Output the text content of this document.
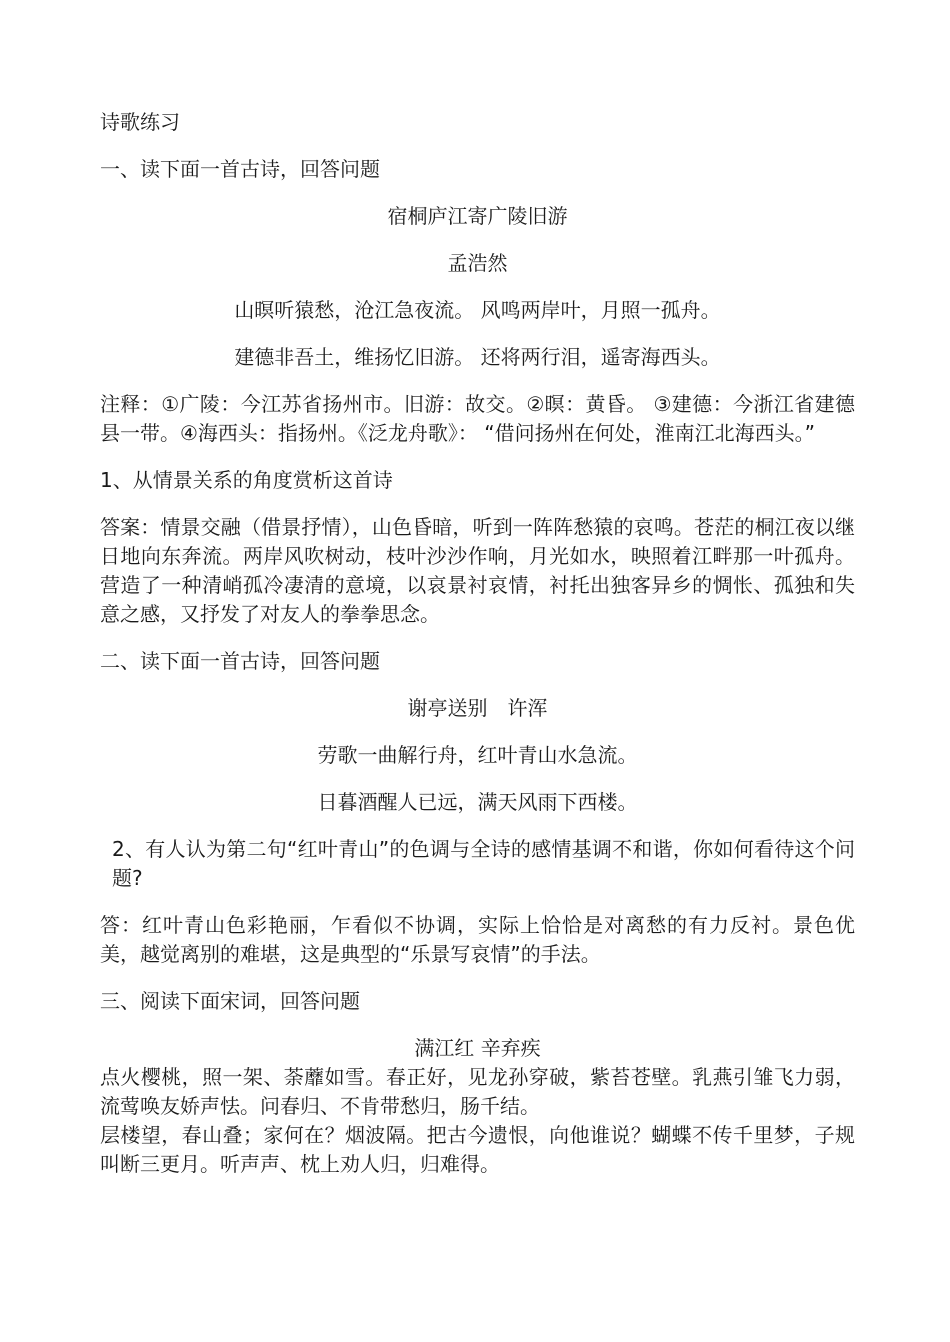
诗歌练习

一、读下面一首古诗，回答问题

宿桐庐江寄广陵旧游

孟浩然

山暝听猿愁，沧江急夜流。 风鸣两岸叶，月照一孤舟。

建德非吾土，维扬忆旧游。 还将两行泪，遥寄海西头。

注释：①广陵：今江苏省扬州市。旧游：故交。②暝：黄昏。 ③建德：今浙江省建德县一带。④海西头：指扬州。《泛龙舟歌》： “借问扬州在何处，淮南江北海西头。”

1、从情景关系的角度赏析这首诗

答案：情景交融（借景抒情），山色昏暗，听到一阵阵愁猿的哀鸣。苍茫的桐江夜以继日地向东奔流。两岸风吹树动，枝叶沙沙作响，月光如水，映照着江畔那一叶孤舟。营造了一种清峭孤冷凄清的意境，以哀景衬哀情，衬托出独客异乡的惆怅、孤独和失意之感，又抒发了对友人的拳拳思念。

二、读下面一首古诗，回答问题

谢亭送别　许浑

劳歌一曲解行舟，红叶青山水急流。

日暮酒醒人已远，满天风雨下西楼。

2、有人认为第二句“红叶青山”的色调与全诗的感情基调不和谐，你如何看待这个问题?

答：红叶青山色彩艳丽，乍看似不协调，实际上恰恰是对离愁的有力反衬。景色优美，越觉离别的难堪，这是典型的“乐景写哀情”的手法。

三、阅读下面宋词，回答问题

满江红 辛弃疾

点火樱桃，照一架、荼蘼如雪。春正好，见龙孙穿破，紫苔苍壁。乳燕引雏飞力弱，流莺唤友娇声怯。问春归、不肯带愁归，肠千结。

层楼望，春山叠；家何在？烟波隔。把古今遗恨，向他谁说？蝴蝶不传千里梦，子规叫断三更月。听声声、枕上劝人归，归难得。
